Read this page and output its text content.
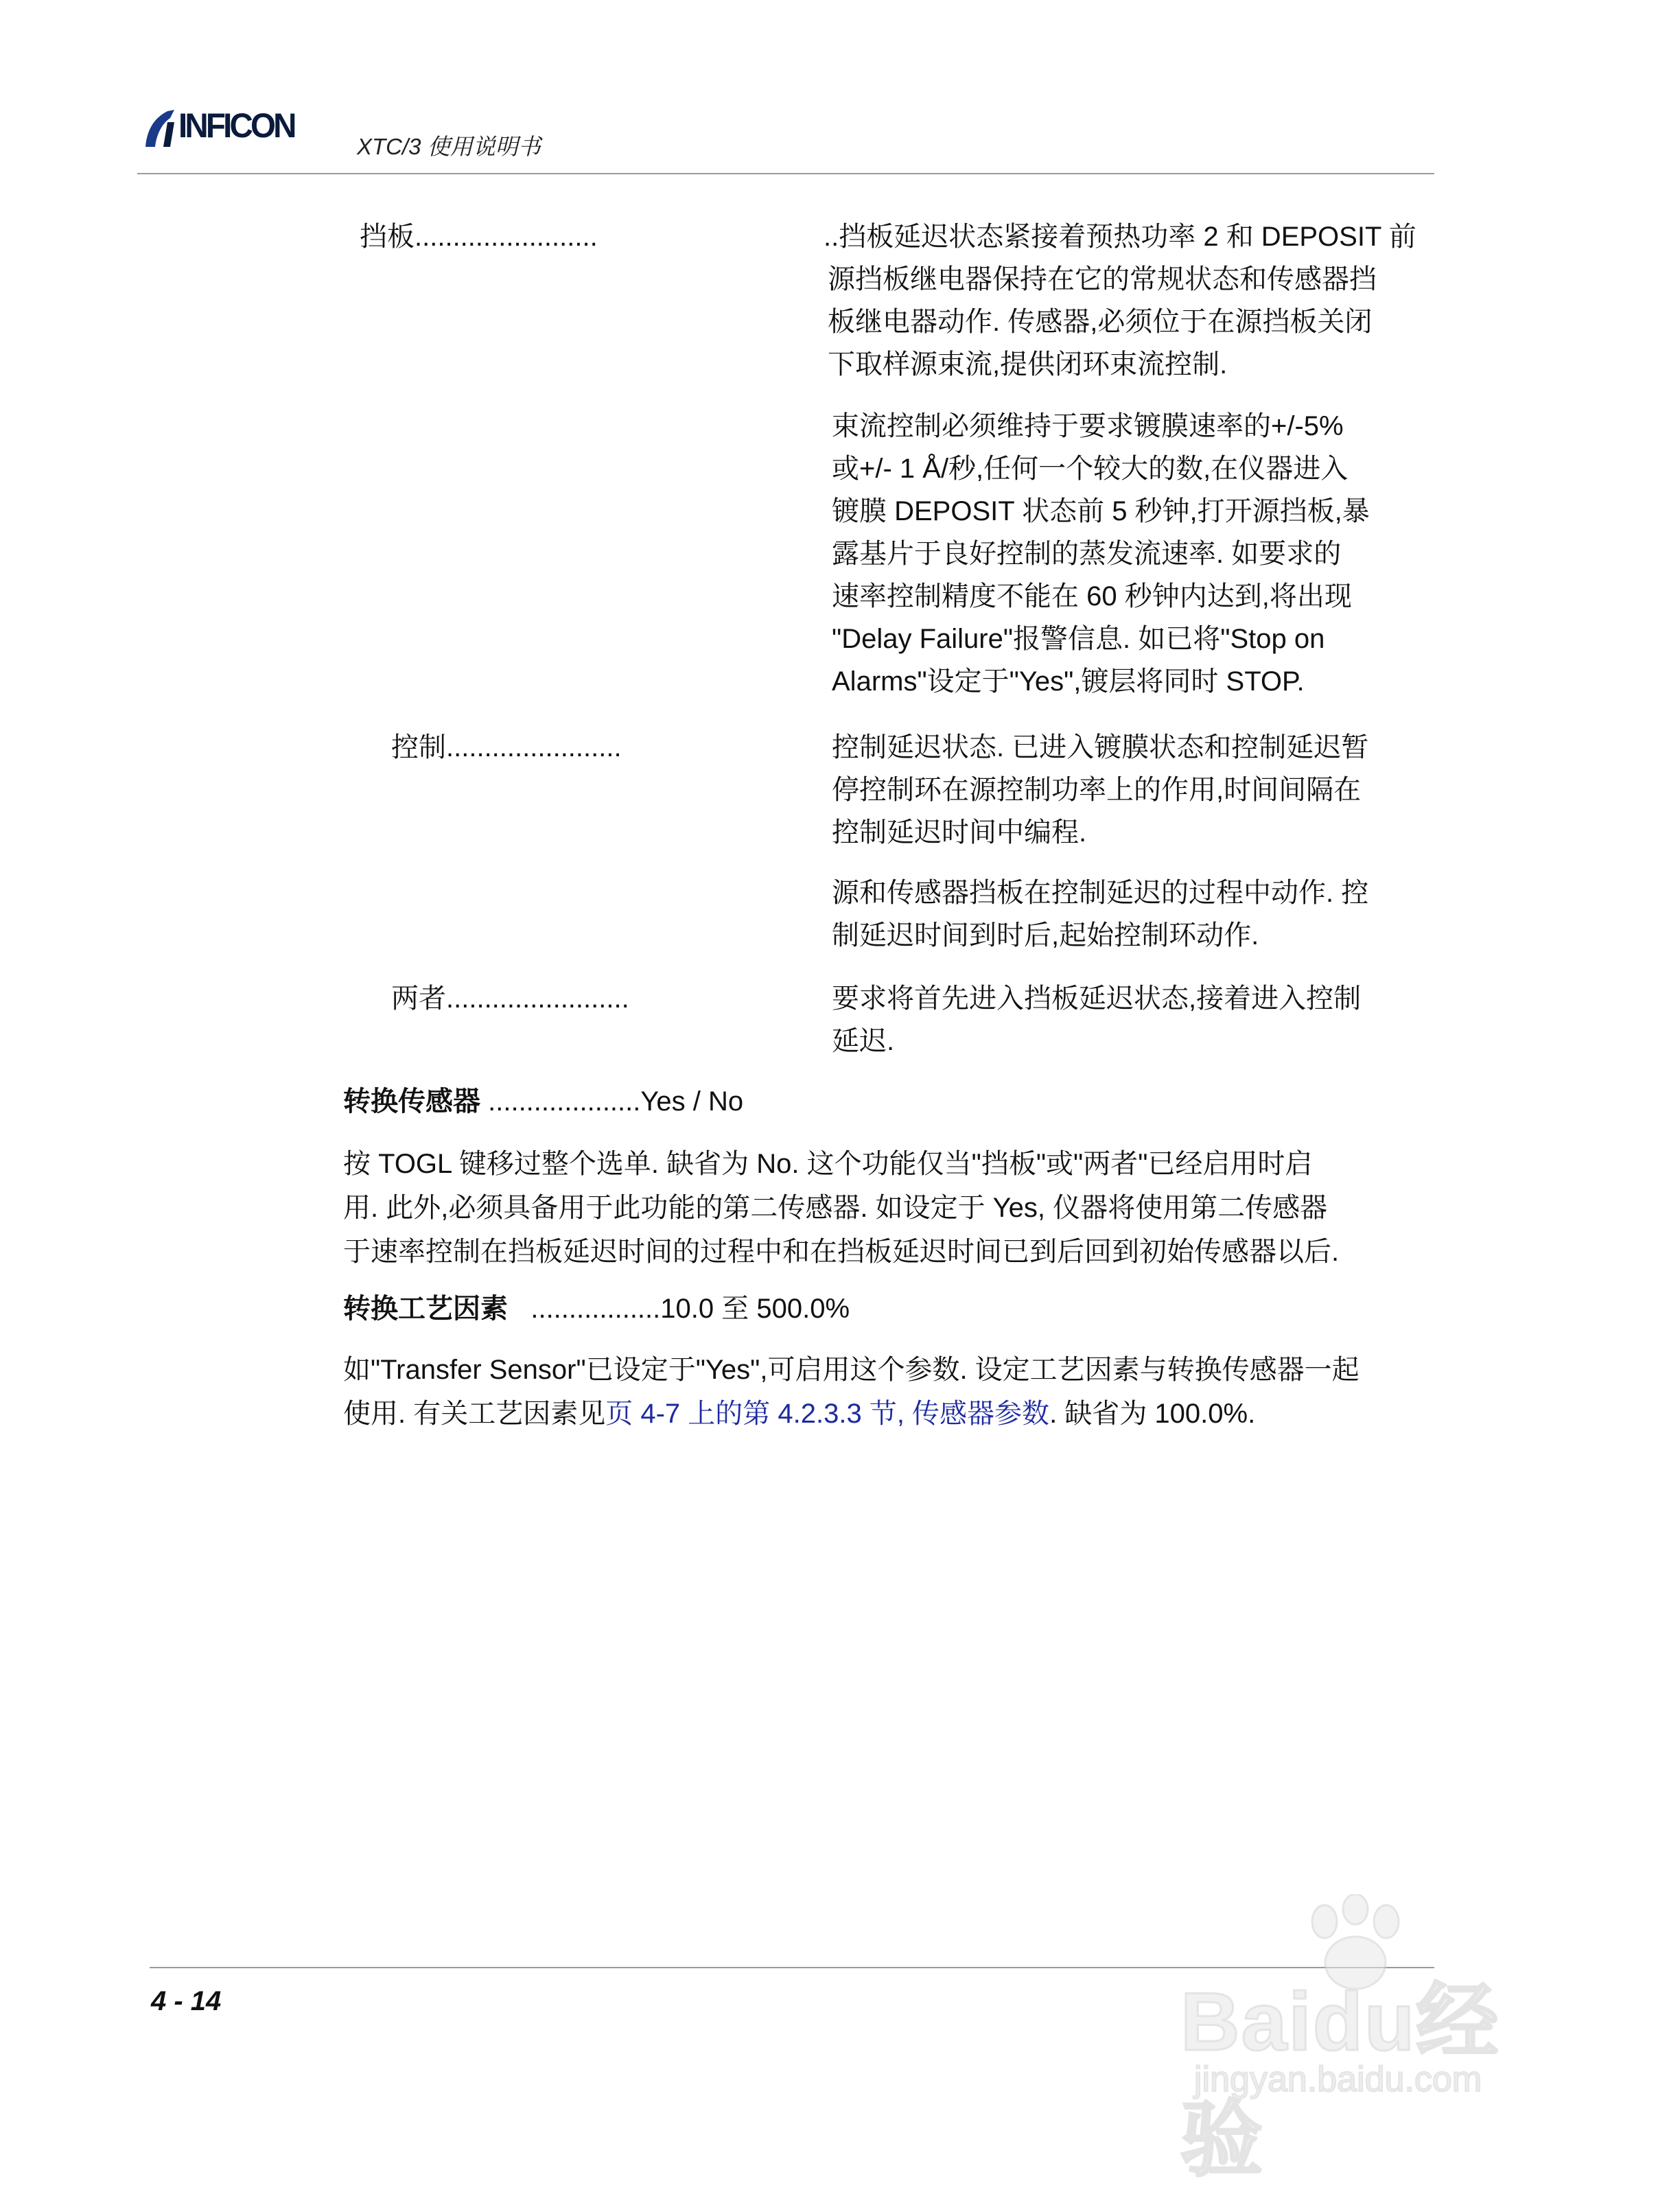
INFICON
XTC/3 使用说明书
挡板........................	..挡板延迟状态紧接着预热功率 2 和 DEPOSIT 前
源挡板继电器保持在它的常规状态和传感器挡
板继电器动作. 传感器,必须位于在源挡板关闭
下取样源束流,提供闭环束流控制.
束流控制必须维持于要求镀膜速率的+/-5%
或+/- 1 Å/秒,任何一个较大的数,在仪器进入
镀膜 DEPOSIT 状态前 5 秒钟,打开源挡板,暴
露基片于良好控制的蒸发流速率. 如要求的
速率控制精度不能在 60 秒钟内达到,将出现
"Delay Failure"报警信息. 如已将"Stop on
Alarms"设定于"Yes",镀层将同时 STOP.
控制.......................	控制延迟状态. 已进入镀膜状态和控制延迟暂
停控制环在源控制功率上的作用,时间间隔在
控制延迟时间中编程.
源和传感器挡板在控制延迟的过程中动作. 控
制延迟时间到时后,起始控制环动作.
两者........................	要求将首先进入挡板延迟状态,接着进入控制
延迟.
转换传感器 ....................Yes / No
按 TOGL 键移过整个选单. 缺省为 No. 这个功能仅当"挡板"或"两者"已经启用时启
用. 此外,必须具备用于此功能的第二传感器. 如设定于 Yes, 仪器将使用第二传感器
于速率控制在挡板延迟时间的过程中和在挡板延迟时间已到后回到初始传感器以后.
转换工艺因素   .................10.0 至 500.0%
如"Transfer Sensor"已设定于"Yes",可启用这个参数. 设定工艺因素与转换传感器一起
使用. 有关工艺因素见页 4-7 上的第 4.2.3.3 节, 传感器参数. 缺省为 100.0%.
4 - 14	Baidu经验
jingyan.baidu.com
